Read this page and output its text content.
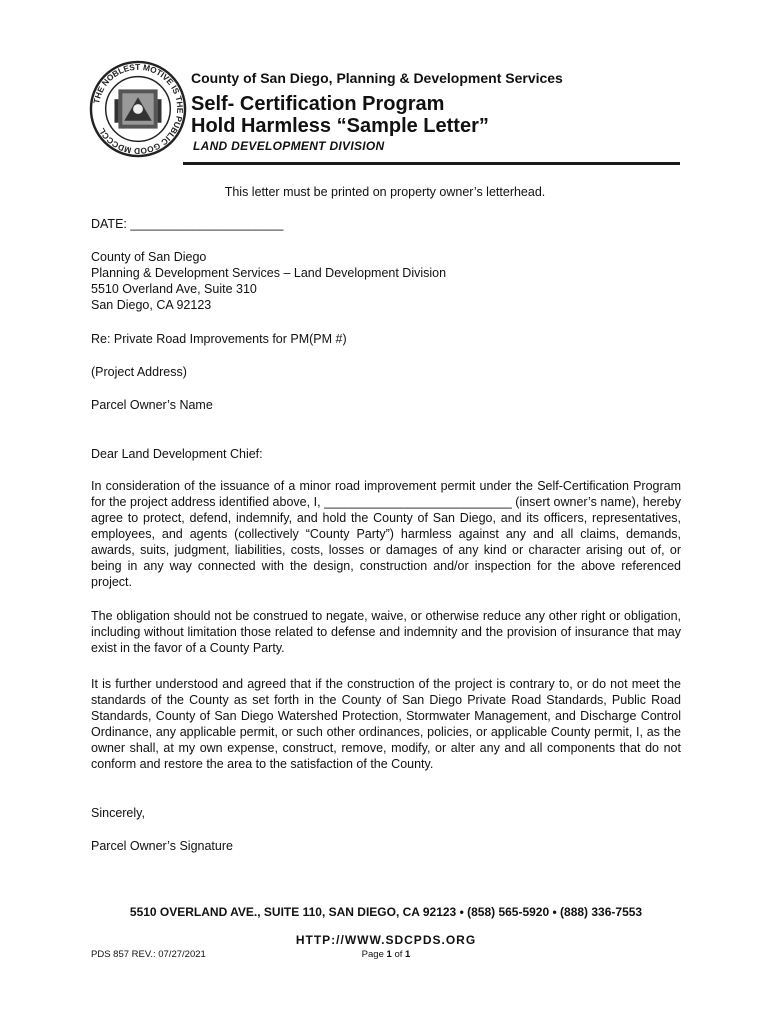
THE NOBLEST MOTIVE IS THE PUBLIC GOOD MDCCCL
County of San Diego, Planning & Development Services
Self- Certification Program
Hold Harmless “Sample Letter”
LAND DEVELOPMENT DIVISION
This letter must be printed on property owner’s letterhead.
DATE: ______________________
County of San Diego
Planning & Development Services – Land Development Division
5510 Overland Ave, Suite 310
San Diego, CA 92123
Re: Private Road Improvements for PM(PM #)
(Project Address)
Parcel Owner’s Name
Dear Land Development Chief:
In consideration of the issuance of a minor road improvement permit under the Self-Certification Program for the project address identified above, I, ___________________________ (insert owner’s name), hereby agree to protect, defend, indemnify, and hold the County of San Diego, and its officers, representatives, employees, and agents (collectively “County Party”) harmless against any and all claims, demands, awards, suits, judgment, liabilities, costs, losses or damages of any kind or character arising out of, or being in any way connected with the design, construction and/or inspection for the above referenced project.
The obligation should not be construed to negate, waive, or otherwise reduce any other right or obligation, including without limitation those related to defense and indemnity and the provision of insurance that may exist in the favor of a County Party.
It is further understood and agreed that if the construction of the project is contrary to, or do not meet the standards of the County as set forth in the County of San Diego Private Road Standards, Public Road Standards, County of San Diego Watershed Protection, Stormwater Management, and Discharge Control Ordinance, any applicable permit, or such other ordinances, policies, or applicable County permit, I, as the owner shall, at my own expense, construct, remove, modify, or alter any and all components that do not conform and restore the area to the satisfaction of the County.
Sincerely,
Parcel Owner’s Signature
5510 OVERLAND AVE., SUITE 110, SAN DIEGO, CA 92123 • (858) 565-5920 • (888) 336-7553
HTTP://WWW.SDCPDS.ORG
PDS 857 REV.: 07/27/2021	Page 1 of 1
